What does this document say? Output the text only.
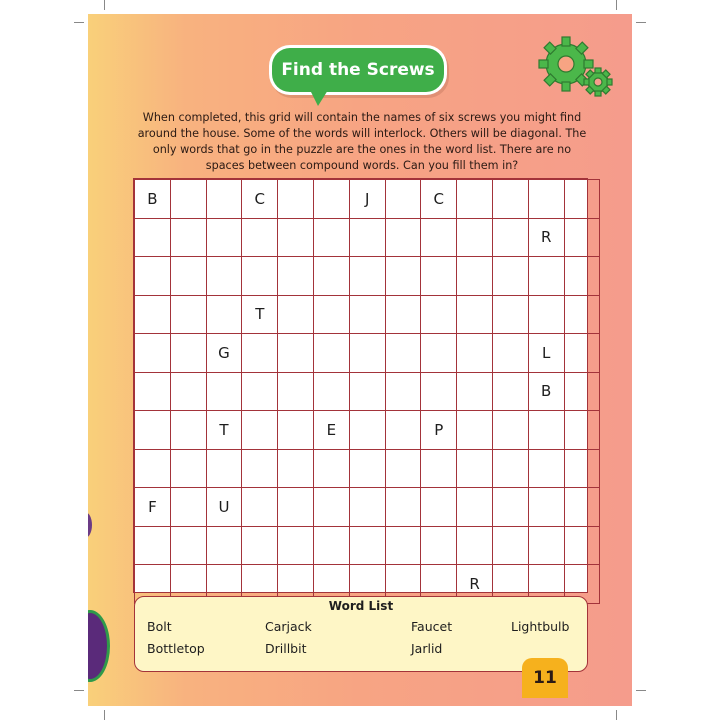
Find the Screws
When completed, this grid will contain the names of six screws you might find around the house. Some of the words will interlock. Others will be diagonal. The only words that go in the puzzle are the ones in the word list. There are no spaces between compound words. Can you fill them in?
B			C			J		C				
											R	

			T									
		G									L	
											B	
		T			E			P				

F		U										

									R			
Word List
Bolt	Carjack	Faucet	Lightbulb
Bottletop	Drillbit	Jarlid
11
